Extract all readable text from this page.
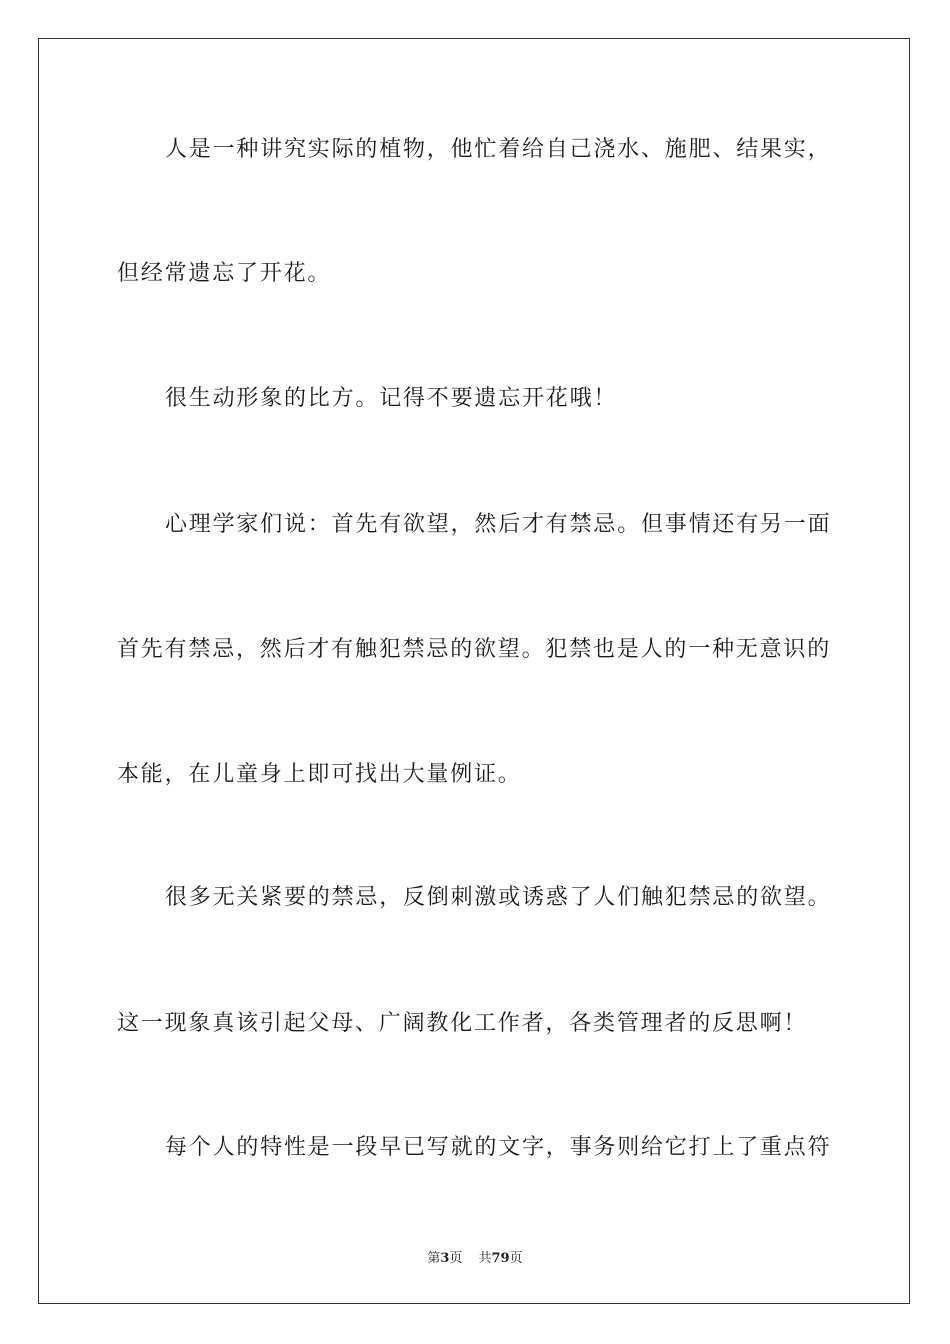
人是一种讲究实际的植物，他忙着给自己浇水、施肥、结果实，
但经常遗忘了开花。
很生动形象的比方。记得不要遗忘开花哦！
心理学家们说：首先有欲望，然后才有禁忌。但事情还有另一面
首先有禁忌，然后才有触犯禁忌的欲望。犯禁也是人的一种无意识的
本能，在儿童身上即可找出大量例证。
很多无关紧要的禁忌，反倒刺激或诱惑了人们触犯禁忌的欲望。
这一现象真该引起父母、广阔教化工作者，各类管理者的反思啊！
每个人的特性是一段早已写就的文字，事务则给它打上了重点符
第3页 共79页
